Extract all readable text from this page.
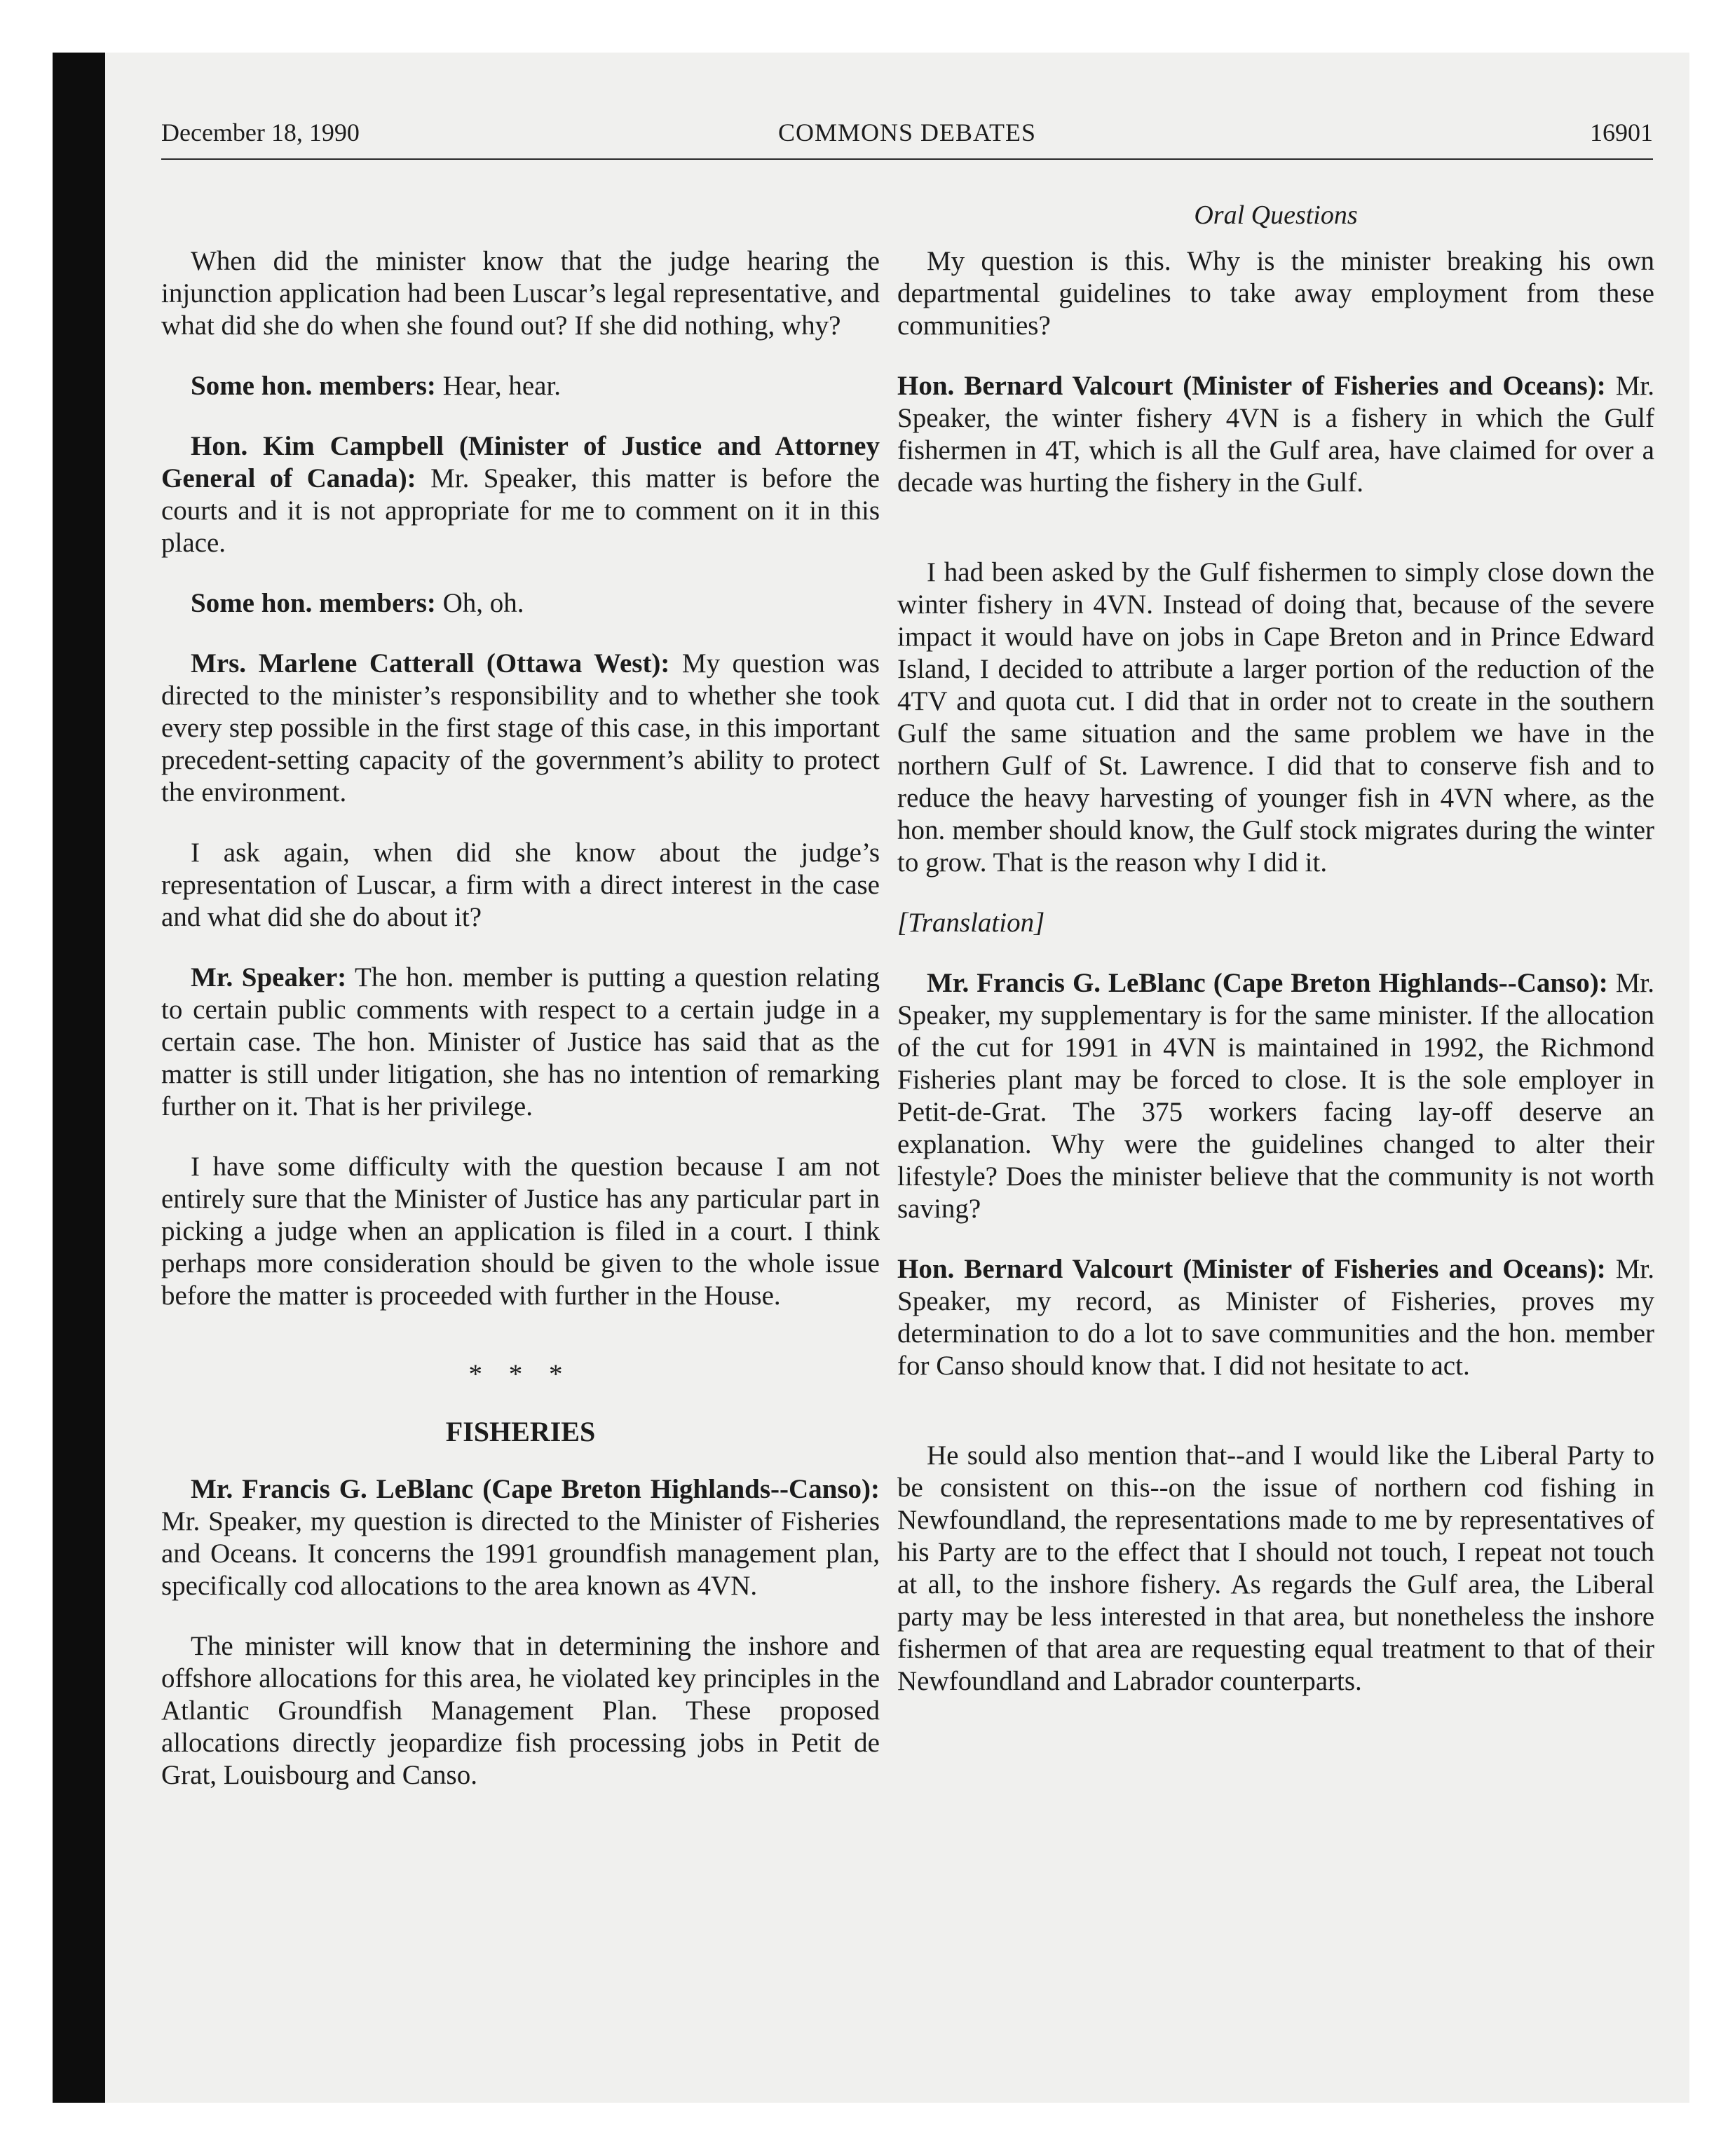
December 18, 1990	COMMONS DEBATES	16901
Oral Questions

When did the minister know that the judge hearing the injunction application had been Luscar’s legal representative, and what did she do when she found out? If she did nothing, why?

Some hon. members: Hear, hear.

Hon. Kim Campbell (Minister of Justice and Attorney General of Canada): Mr. Speaker, this matter is before the courts and it is not appropriate for me to comment on it in this place.

Some hon. members: Oh, oh.

Mrs. Marlene Catterall (Ottawa West): My question was directed to the minister’s responsibility and to whether she took every step possible in the first stage of this case, in this important precedent-setting capacity of the government’s ability to protect the environment.

I ask again, when did she know about the judge’s representation of Luscar, a firm with a direct interest in the case and what did she do about it?

Mr. Speaker: The hon. member is putting a question relating to certain public comments with respect to a certain judge in a certain case. The hon. Minister of Justice has said that as the matter is still under litigation, she has no intention of remarking further on it. That is her privilege.

I have some difficulty with the question because I am not entirely sure that the Minister of Justice has any particular part in picking a judge when an application is filed in a court. I think perhaps more consideration should be given to the whole issue before the matter is proceeded with further in the House.

* * *
FISHERIES

Mr. Francis G. LeBlanc (Cape Breton Highlands--Canso): Mr. Speaker, my question is directed to the Minister of Fisheries and Oceans. It concerns the 1991 groundfish management plan, specifically cod allocations to the area known as 4VN.

The minister will know that in determining the inshore and offshore allocations for this area, he violated key principles in the Atlantic Groundfish Management Plan. These proposed allocations directly jeopardize fish processing jobs in Petit de Grat, Louisbourg and Canso.

My question is this. Why is the minister breaking his own departmental guidelines to take away employment from these communities?

Hon. Bernard Valcourt (Minister of Fisheries and Oceans): Mr. Speaker, the winter fishery 4VN is a fishery in which the Gulf fishermen in 4T, which is all the Gulf area, have claimed for over a decade was hurting the fishery in the Gulf.

I had been asked by the Gulf fishermen to simply close down the winter fishery in 4VN. Instead of doing that, because of the severe impact it would have on jobs in Cape Breton and in Prince Edward Island, I decided to attribute a larger portion of the reduction of the 4TV and quota cut. I did that in order not to create in the southern Gulf the same situation and the same problem we have in the northern Gulf of St. Lawrence. I did that to conserve fish and to reduce the heavy harvesting of younger fish in 4VN where, as the hon. member should know, the Gulf stock migrates during the winter to grow. That is the reason why I did it.

[Translation]

Mr. Francis G. LeBlanc (Cape Breton Highlands--Canso): Mr. Speaker, my supplementary is for the same minister. If the allocation of the cut for 1991 in 4VN is maintained in 1992, the Richmond Fisheries plant may be forced to close. It is the sole employer in Petit-de-Grat. The 375 workers facing lay-off deserve an explanation. Why were the guidelines changed to alter their lifestyle? Does the minister believe that the community is not worth saving?

Hon. Bernard Valcourt (Minister of Fisheries and Oceans): Mr. Speaker, my record, as Minister of Fisheries, proves my determination to do a lot to save communities and the hon. member for Canso should know that. I did not hesitate to act.

He sould also mention that--and I would like the Liberal Party to be consistent on this--on the issue of northern cod fishing in Newfoundland, the representations made to me by representatives of his Party are to the effect that I should not touch, I repeat not touch at all, to the inshore fishery. As regards the Gulf area, the Liberal party may be less interested in that area, but nonetheless the inshore fishermen of that area are requesting equal treatment to that of their Newfoundland and Labrador counterparts.
